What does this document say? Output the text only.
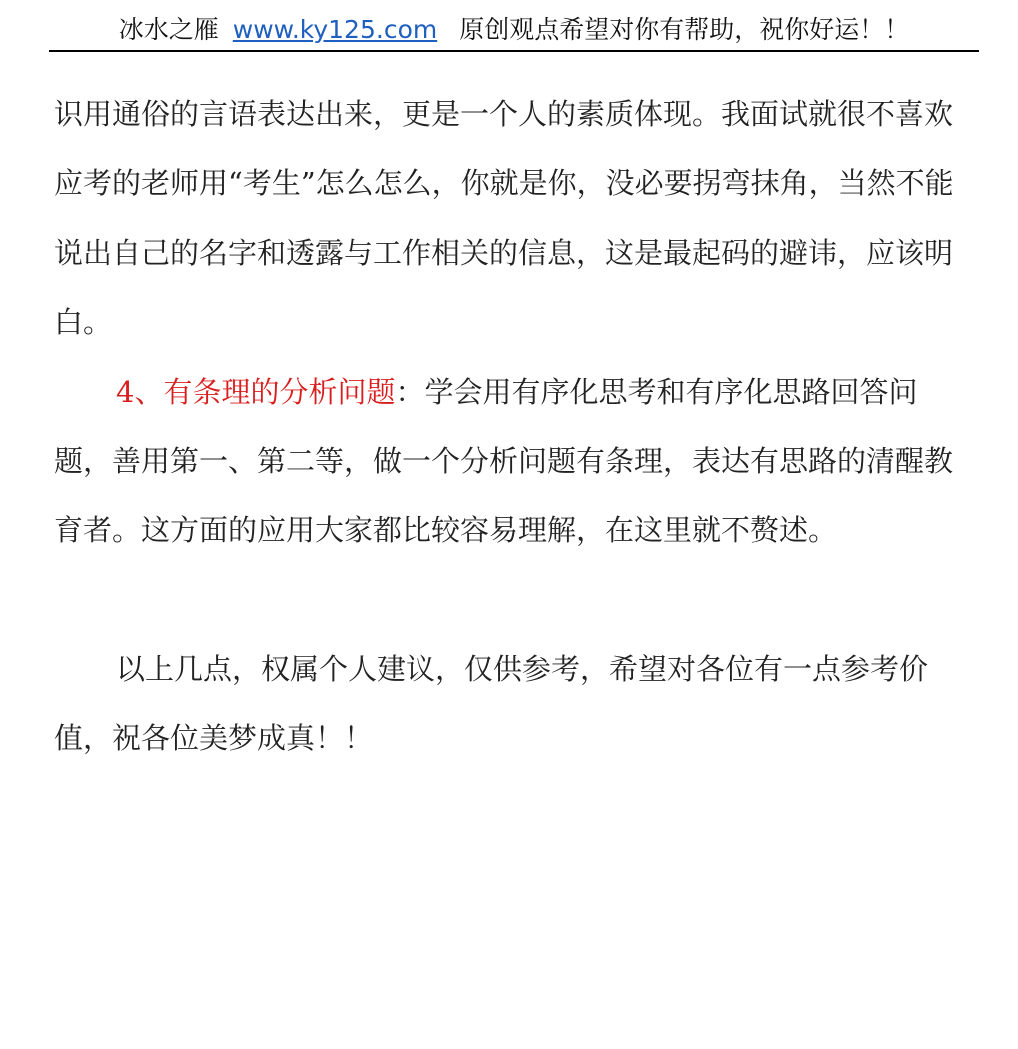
冰水之雁 www.ky125.com 原创观点希望对你有帮助，祝你好运！！

识用通俗的言语表达出来，更是一个人的素质体现。我面试就很不喜欢应考的老师用“考生”怎么怎么，你就是你，没必要拐弯抹角，当然不能说出自己的名字和透露与工作相关的信息，这是最起码的避讳，应该明白。

4、有条理的分析问题：学会用有序化思考和有序化思路回答问题，善用第一、第二等，做一个分析问题有条理，表达有思路的清醒教育者。这方面的应用大家都比较容易理解，在这里就不赘述。

以上几点，权属个人建议，仅供参考，希望对各位有一点参考价值，祝各位美梦成真！！
